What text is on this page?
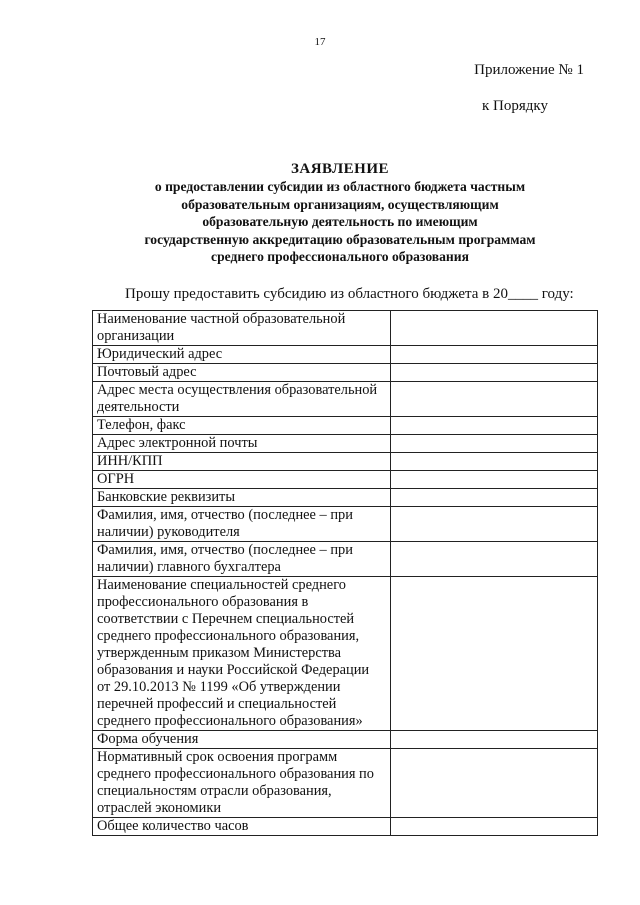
17
Приложение № 1
к Порядку
ЗАЯВЛЕНИЕ
о предоставлении субсидии из областного бюджета частным
образовательным организациям, осуществляющим
образовательную деятельность по имеющим
государственную аккредитацию образовательным программам
среднего профессионального образования
Прошу предоставить субсидию из областного бюджета в 20____ году:
Наименование частной образовательной организации	
Юридический адрес	
Почтовый адрес	
Адрес места осуществления образовательной деятельности	
Телефон, факс	
Адрес электронной почты	
ИНН/КПП	
ОГРН	
Банковские реквизиты	
Фамилия, имя, отчество (последнее – при наличии) руководителя	
Фамилия, имя, отчество (последнее – при наличии) главного бухгалтера	
Наименование специальностей среднего профессионального образования в соответствии с Перечнем специальностей среднего профессионального образования, утвержденным приказом Министерства образования и науки Российской Федерации от 29.10.2013 № 1199 «Об утверждении перечней профессий и специальностей среднего профессионального образования»	
Форма обучения	
Нормативный срок освоения программ среднего профессионального образования по специальностям отрасли образования, отраслей экономики	
Общее количество часов	
